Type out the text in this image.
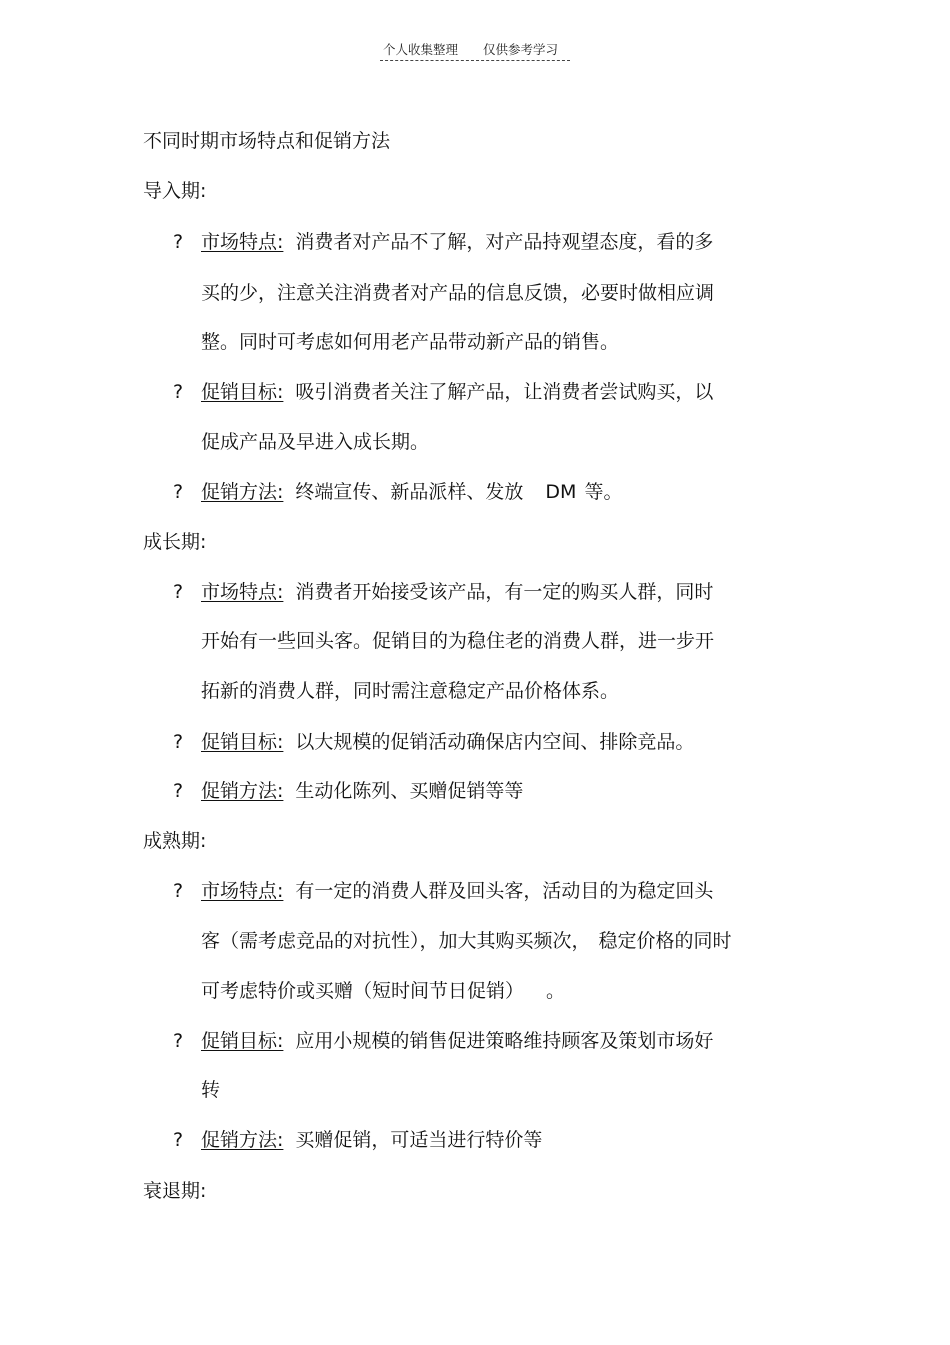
个人收集整理 仅供参考学习
不同时期市场特点和促销方法
导入期:
? 市场特点: 消费者对产品不了解，对产品持观望态度，看的多
买的少，注意关注消费者对产品的信息反馈，必要时做相应调
整。同时可考虑如何用老产品带动新产品的销售。
? 促销目标: 吸引消费者关注了解产品，让消费者尝试购买，以
促成产品及早进入成长期。
? 促销方法: 终端宣传、新品派样、发放 DM 等。
成长期:
? 市场特点: 消费者开始接受该产品，有一定的购买人群，同时
开始有一些回头客。促销目的为稳住老的消费人群，进一步开
拓新的消费人群，同时需注意稳定产品价格体系。
? 促销目标: 以大规模的促销活动确保店内空间、排除竞品。
? 促销方法: 生动化陈列、买赠促销等等
成熟期:
? 市场特点: 有一定的消费人群及回头客，活动目的为稳定回头
客（需考虑竞品的对抗性），加大其购买频次， 稳定价格的同时
可考虑特价或买赠（短时间节日促销） 。
? 促销目标: 应用小规模的销售促进策略维持顾客及策划市场好
转
? 促销方法: 买赠促销，可适当进行特价等
衰退期:
